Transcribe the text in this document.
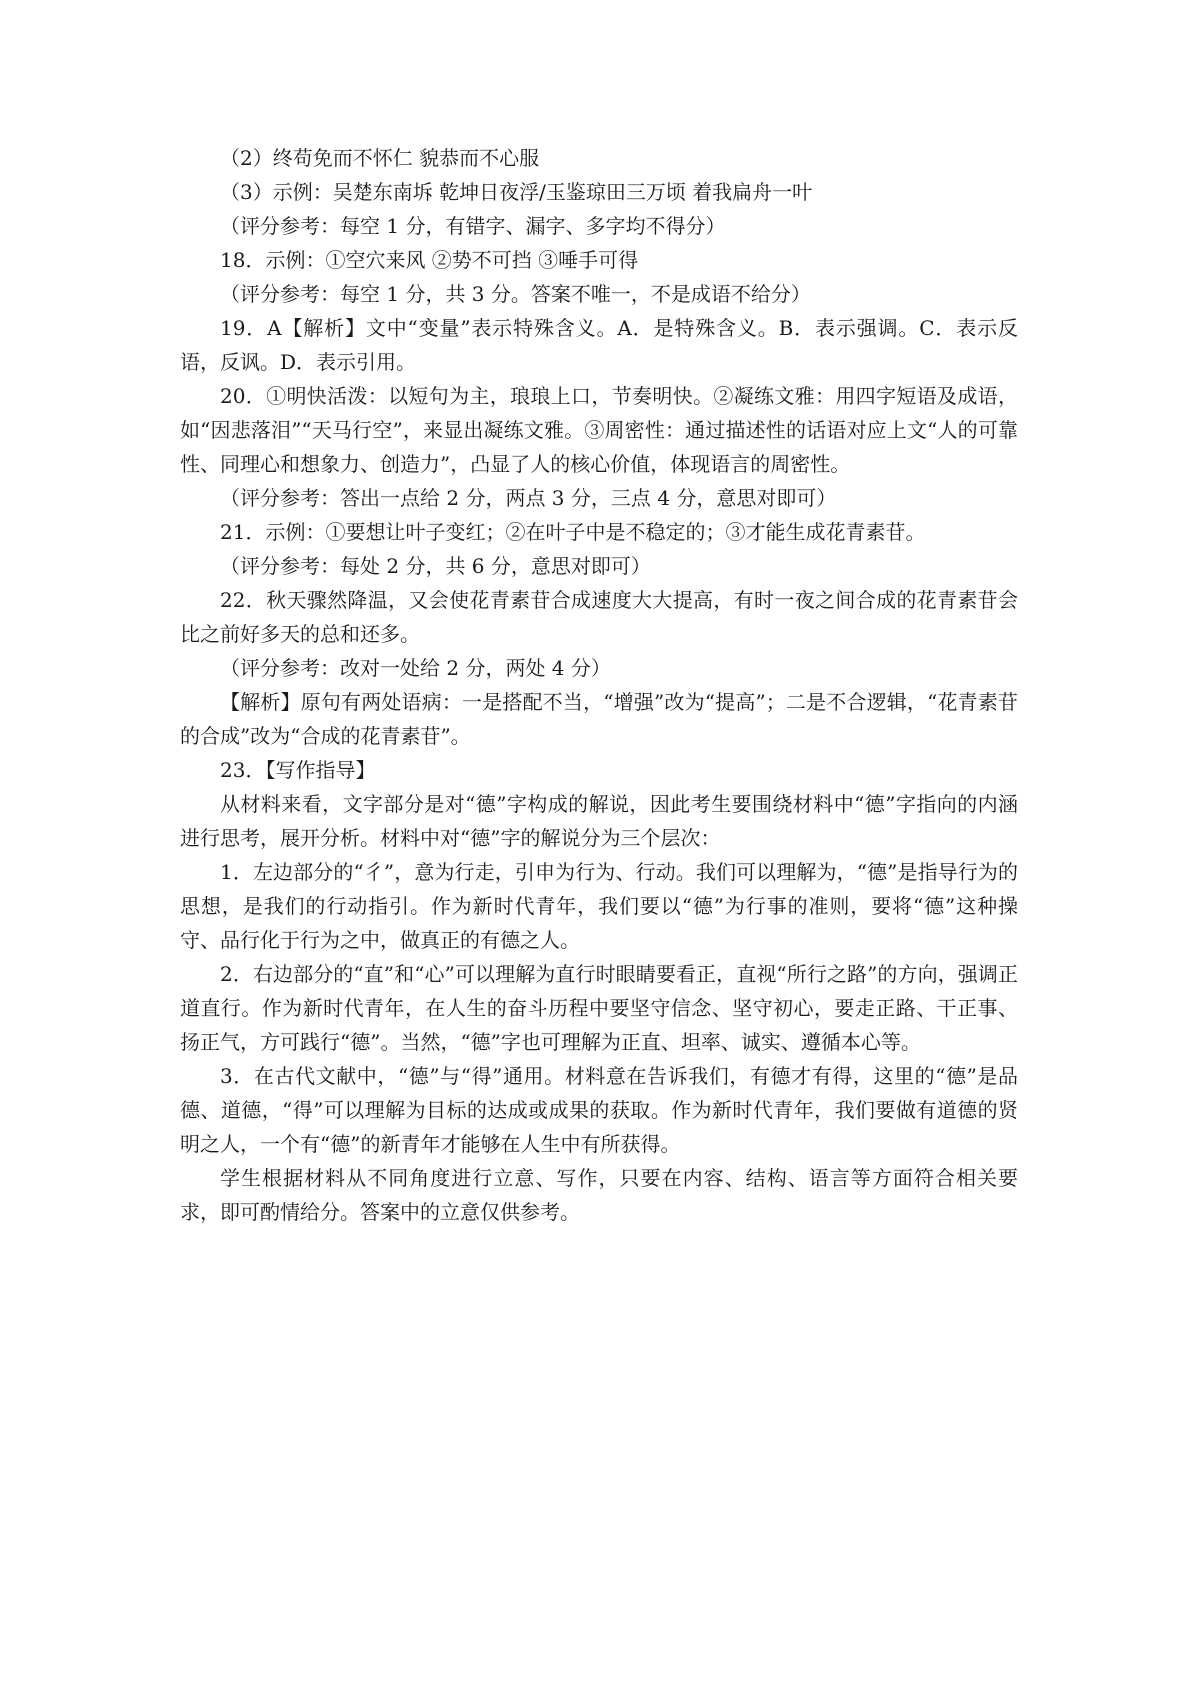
（2）终苟免而不怀仁 貌恭而不心服

（3）示例：吴楚东南坼 乾坤日夜浮/玉鉴琼田三万顷 着我扁舟一叶

（评分参考：每空 1 分，有错字、漏字、多字均不得分）

18．示例：①空穴来风 ②势不可挡 ③唾手可得

（评分参考：每空 1 分，共 3 分。答案不唯一，不是成语不给分）

19．A【解析】文中“变量”表示特殊含义。A．是特殊含义。B．表示强调。C．表示反语，反讽。D．表示引用。

20．①明快活泼：以短句为主，琅琅上口，节奏明快。②凝练文雅：用四字短语及成语，如“因悲落泪”“天马行空”，来显出凝练文雅。③周密性：通过描述性的话语对应上文“人的可靠性、同理心和想象力、创造力”，凸显了人的核心价值，体现语言的周密性。

（评分参考：答出一点给 2 分，两点 3 分，三点 4 分，意思对即可）

21．示例：①要想让叶子变红；②在叶子中是不稳定的；③才能生成花青素苷。

（评分参考：每处 2 分，共 6 分，意思对即可）

22．秋天骤然降温，又会使花青素苷合成速度大大提高，有时一夜之间合成的花青素苷会比之前好多天的总和还多。

（评分参考：改对一处给 2 分，两处 4 分）

【解析】原句有两处语病：一是搭配不当，“增强”改为“提高”；二是不合逻辑，“花青素苷的合成”改为“合成的花青素苷”。

23．【写作指导】

从材料来看，文字部分是对“德”字构成的解说，因此考生要围绕材料中“德”字指向的内涵进行思考，展开分析。材料中对“德”字的解说分为三个层次：

1．左边部分的“彳”，意为行走，引申为行为、行动。我们可以理解为，“德”是指导行为的思想，是我们的行动指引。作为新时代青年，我们要以“德”为行事的准则，要将“德”这种操守、品行化于行为之中，做真正的有德之人。

2．右边部分的“直”和“心”可以理解为直行时眼睛要看正，直视“所行之路”的方向，强调正道直行。作为新时代青年，在人生的奋斗历程中要坚守信念、坚守初心，要走正路、干正事、扬正气，方可践行“德”。当然，“德”字也可理解为正直、坦率、诚实、遵循本心等。

3．在古代文献中，“德”与“得”通用。材料意在告诉我们，有德才有得，这里的“德”是品德、道德，“得”可以理解为目标的达成或成果的获取。作为新时代青年，我们要做有道德的贤明之人，一个有“德”的新青年才能够在人生中有所获得。

学生根据材料从不同角度进行立意、写作，只要在内容、结构、语言等方面符合相关要求，即可酌情给分。答案中的立意仅供参考。
